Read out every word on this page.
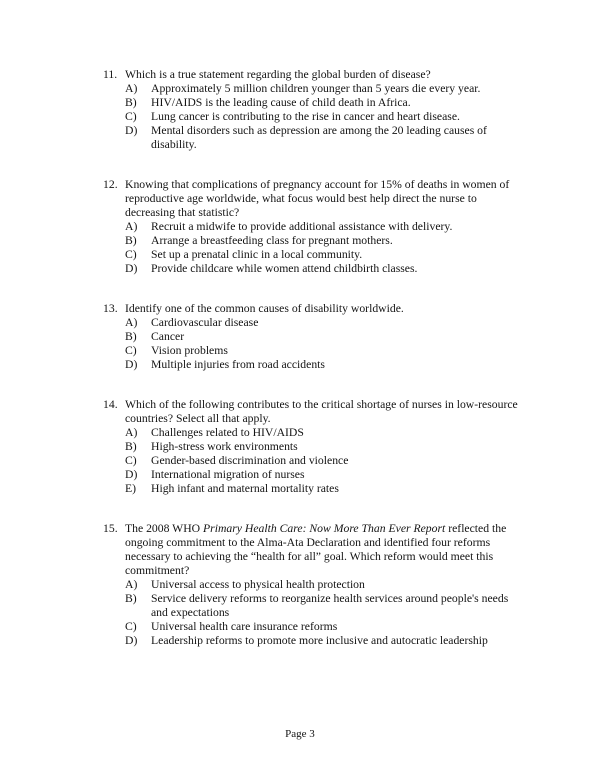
11. Which is a true statement regarding the global burden of disease?
A)	Approximately 5 million children younger than 5 years die every year.
B)	HIV/AIDS is the leading cause of child death in Africa.
C)	Lung cancer is contributing to the rise in cancer and heart disease.
D)	Mental disorders such as depression are among the 20 leading causes of disability.
12. Knowing that complications of pregnancy account for 15% of deaths in women of reproductive age worldwide, what focus would best help direct the nurse to decreasing that statistic?
A)	Recruit a midwife to provide additional assistance with delivery.
B)	Arrange a breastfeeding class for pregnant mothers.
C)	Set up a prenatal clinic in a local community.
D)	Provide childcare while women attend childbirth classes.
13. Identify one of the common causes of disability worldwide.
A)	Cardiovascular disease
B)	Cancer
C)	Vision problems
D)	Multiple injuries from road accidents
14. Which of the following contributes to the critical shortage of nurses in low-resource countries? Select all that apply.
A)	Challenges related to HIV/AIDS
B)	High-stress work environments
C)	Gender-based discrimination and violence
D)	International migration of nurses
E)	High infant and maternal mortality rates
15. The 2008 WHO Primary Health Care: Now More Than Ever Report reflected the ongoing commitment to the Alma-Ata Declaration and identified four reforms necessary to achieving the “health for all” goal. Which reform would meet this commitment?
A)	Universal access to physical health protection
B)	Service delivery reforms to reorganize health services around people's needs and expectations
C)	Universal health care insurance reforms
D)	Leadership reforms to promote more inclusive and autocratic leadership
Page 3
